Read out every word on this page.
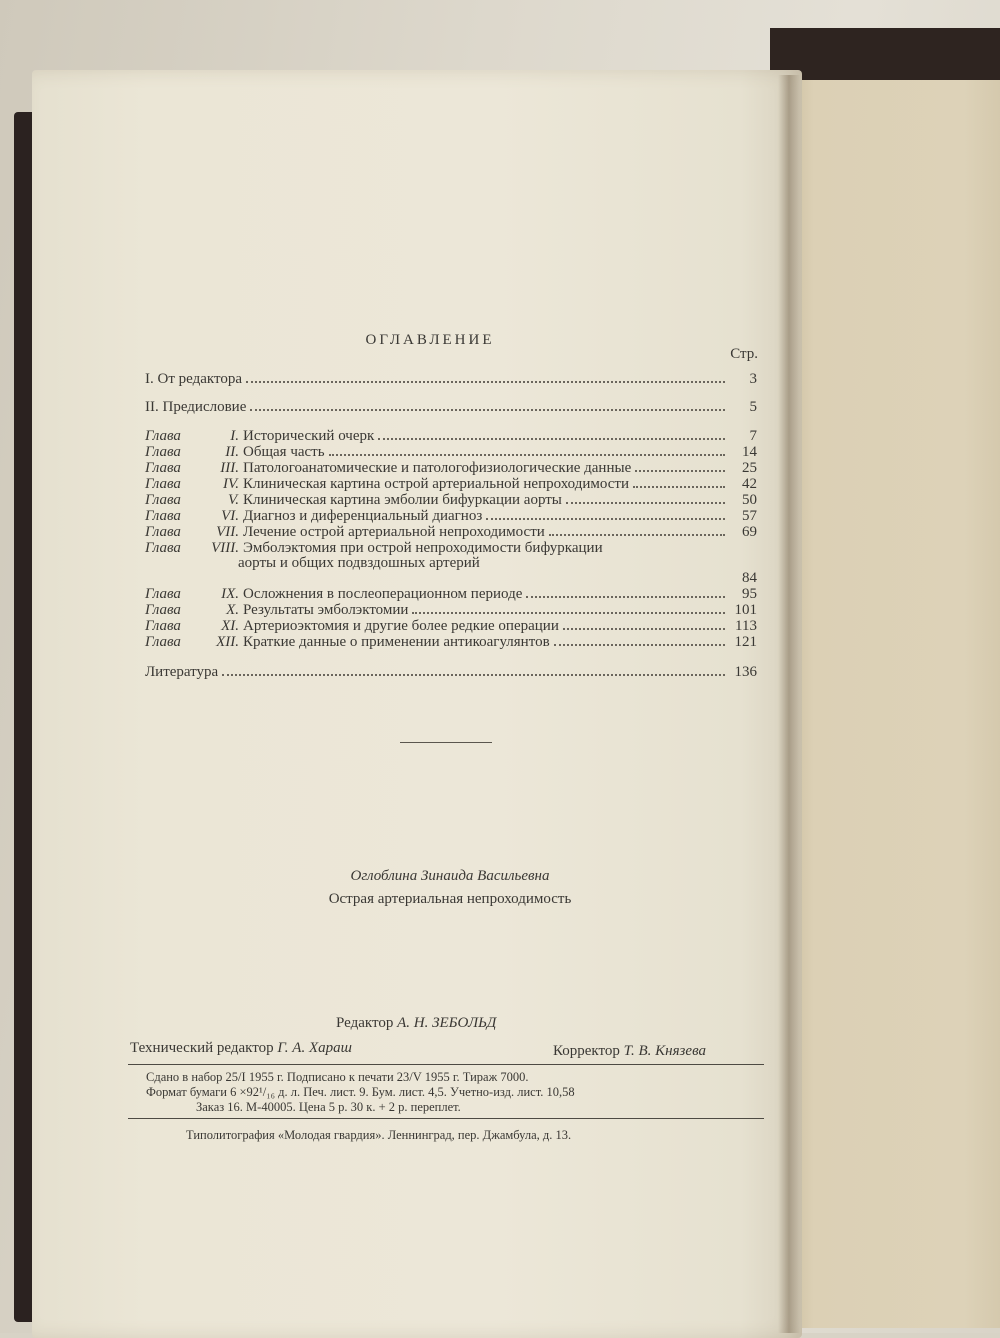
ОГЛАВЛЕНИЕ
Стр.
I. От редактора	3
II. Предисловие	5
Глава	I. Исторический очерк	7
Глава	II. Общая часть	14
Глава	III. Патологоанатомические и патологофизиологические данные	25
Глава	IV. Клиническая картина острой артериальной непроходимости	42
Глава	V. Клиническая картина эмболии бифуркации аорты	50
Глава	VI. Диагноз и диференциальный диагноз	57
Глава	VII. Лечение острой артериальной непроходимости	69
Глава	VIII. Эмболэктомия при острой непроходимости бифуркации
аорты и общих подвздошных артерий
84
Глава	IX. Осложнения в послеоперационном периоде	95
Глава	X. Результаты эмболэктомии	101
Глава	XI. Артериоэктомия и другие более редкие операции	113
Глава	XII. Краткие данные о применении антикоагулянтов	121
Литература	136
Оглоблина Зинаида Васильевна
Острая артериальная непроходимость
Редактор А. Н. ЗЕБОЛЬД
Технический редактор Г. А. Хараш	Корректор Т. В. Князева
Сдано в набор 25/I 1955 г. Подписано к печати 23/V 1955 г. Тираж 7000.
Формат бумаги 6 ×92¹/₁₆ д. л. Печ. лист. 9. Бум. лист. 4,5. Учетно-изд. лист. 10,58
Заказ 16. М-40005. Цена 5 р. 30 к. + 2 р. переплет.
Типолитография «Молодая гвардия». Леннинград, пер. Джамбула, д. 13.
